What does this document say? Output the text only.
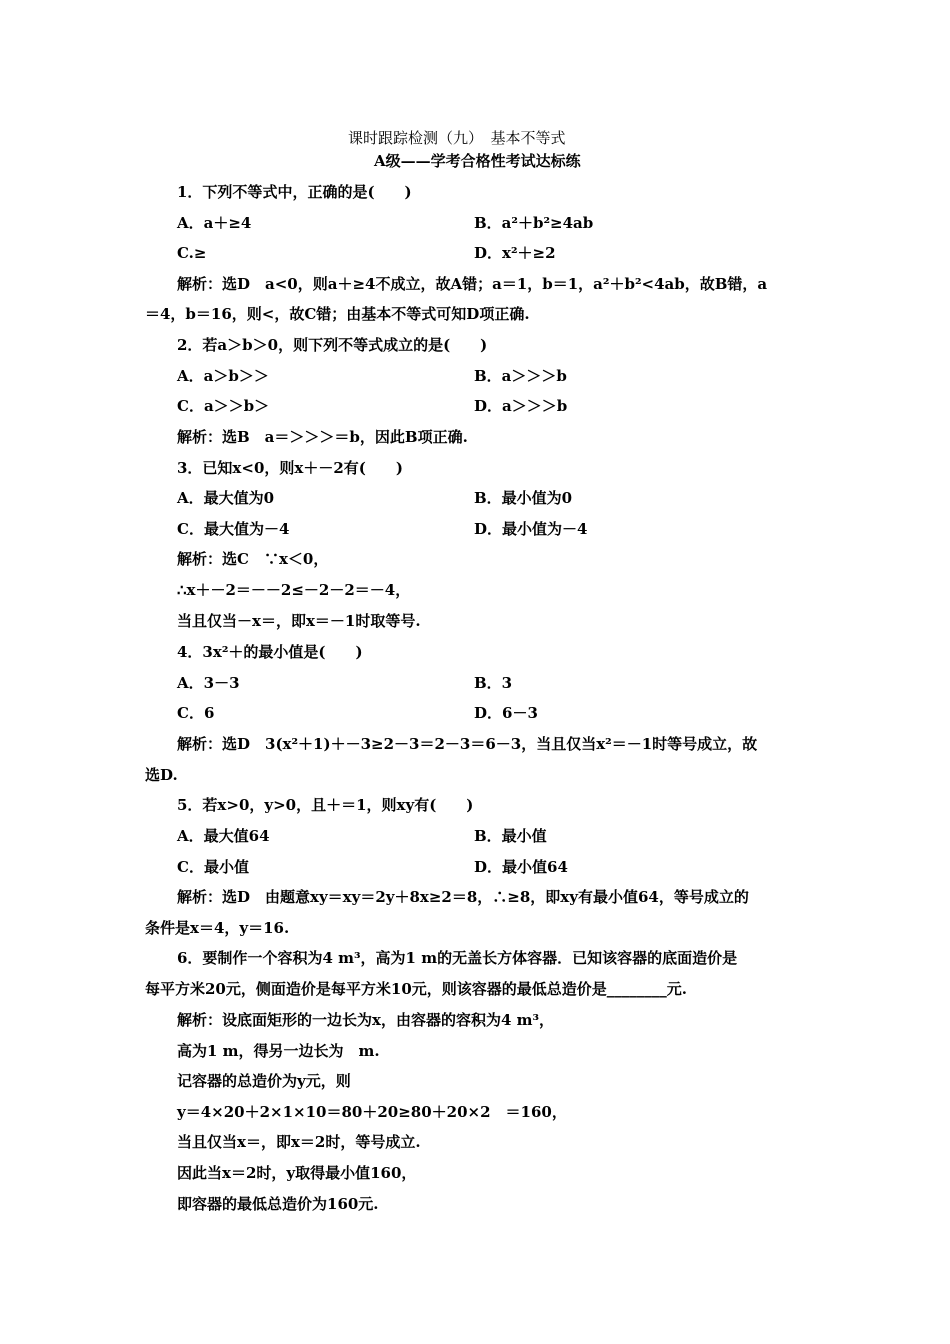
课时跟踪检测（九）　基本不等式
A级——学考合格性考试达标练
1．下列不等式中，正确的是(　　)
A．a＋≥4	B．a²＋b²≥4ab
C.≥	D．x²＋≥2
解析：选D　a<0，则a＋≥4不成立，故A错；a＝1，b＝1，a²＋b²<4ab，故B错，a
＝4，b＝16，则<，故C错；由基本不等式可知D项正确.
2．若a＞b＞0，则下列不等式成立的是(　　)
A．a＞b＞＞	B．a＞＞＞b
C．a＞＞b＞	D．a＞＞＞b
解析：选B　a＝＞＞＞＝b，因此B项正确.
3．已知x<0，则x＋－2有(　　)
A．最大值为0	B．最小值为0
C．最大值为－4	D．最小值为－4
解析：选C　∵x＜0，
∴x＋－2＝－－2≤－2－2＝－4，
当且仅当－x＝，即x＝－1时取等号.
4．3x²＋的最小值是(　　)
A．3－3	B．3
C．6	D．6－3
解析：选D　3(x²＋1)＋－3≥2－3＝2－3＝6－3，当且仅当x²＝－1时等号成立，故
选D.
5．若x>0，y>0，且＋＝1，则xy有(　　)
A．最大值64	B．最小值
C．最小值	D．最小值64
解析：选D　由题意xy＝xy＝2y＋8x≥2＝8，∴≥8，即xy有最小值64，等号成立的
条件是x＝4，y＝16.
6．要制作一个容积为4 m³，高为1 m的无盖长方体容器．已知该容器的底面造价是
每平方米20元，侧面造价是每平方米10元，则该容器的最低总造价是________元.
解析：设底面矩形的一边长为x，由容器的容积为4 m³，
高为1 m，得另一边长为　m.
记容器的总造价为y元，则
y＝4×20＋2×1×10＝80＋20≥80＋20×2　＝160，
当且仅当x＝，即x＝2时，等号成立.
因此当x＝2时，y取得最小值160，
即容器的最低总造价为160元.
